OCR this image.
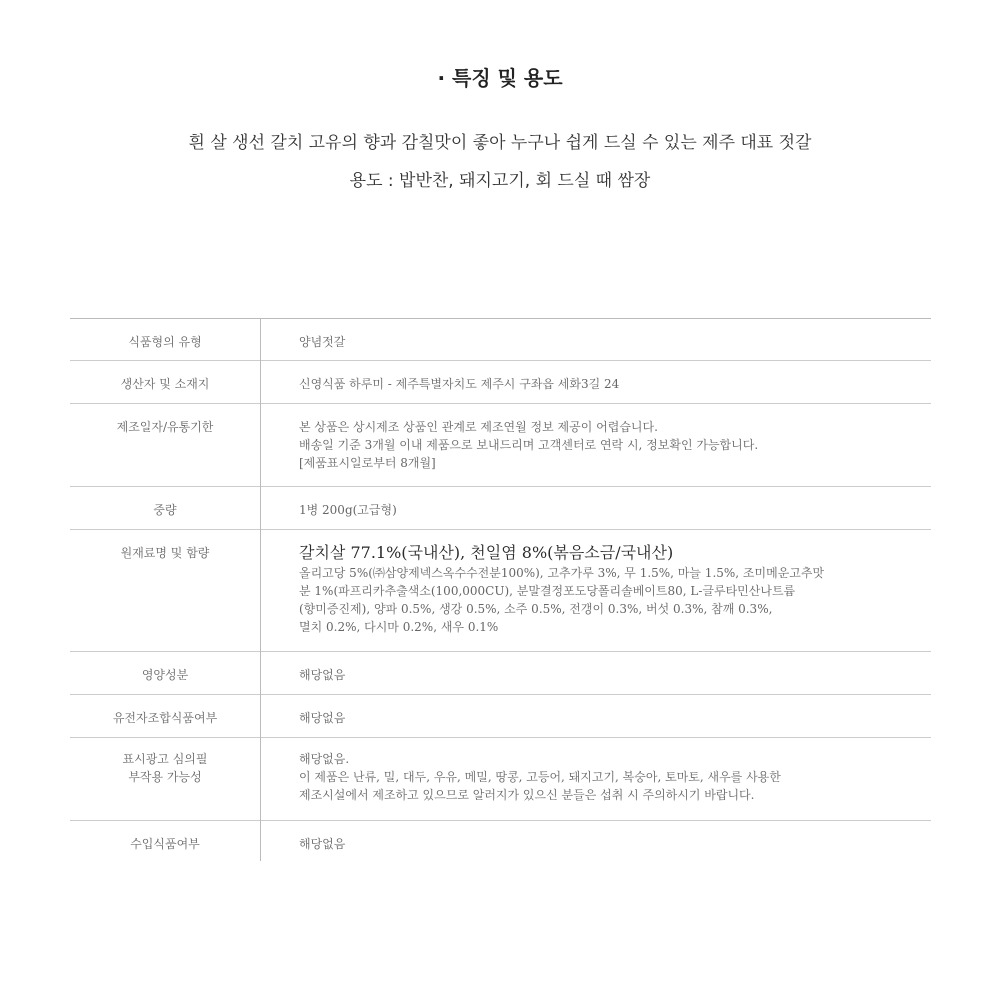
· 특징 및 용도
흰 살 생선 갈치 고유의 향과 감칠맛이 좋아 누구나 쉽게 드실 수 있는 제주 대표 젓갈
용도 : 밥반찬, 돼지고기, 회 드실 때 쌈장
식품형의 유형	양념젓갈

생산자 및 소재지	신영식품 하루미 - 제주특별자치도 제주시 구좌읍 세화3길 24

제조일자/유통기한	본 상품은 상시제조 상품인 관계로 제조연월 정보 제공이 어렵습니다.
배송일 기준 3개월 이내 제품으로 보내드리며 고객센터로 연락 시, 정보확인 가능합니다.
[제품표시일로부터 8개월]

중량	1병 200g(고급형)

원재료명 및 함량	갈치살 77.1%(국내산), 천일염 8%(볶음소금/국내산)
올리고당 5%(㈜삼양제넥스옥수수전분100%), 고추가루 3%, 무 1.5%, 마늘 1.5%, 조미메운고추맛
분 1%(파프리카추출색소(100,000CU), 분말결정포도당폴리솔베이트80, L-글루타민산나트륨
(향미증진제), 양파 0.5%, 생강 0.5%, 소주 0.5%, 전갱이 0.3%, 버섯 0.3%, 참깨 0.3%,
멸치 0.2%, 다시마 0.2%, 새우 0.1%

영양성분	해당없음

유전자조합식품여부	해당없음

표시광고 심의필
부작용 가능성	해당없음.
이 제품은 난류, 밀, 대두, 우유, 메밀, 땅콩, 고등어, 돼지고기, 복숭아, 토마토, 새우를 사용한
제조시설에서 제조하고 있으므로 알러지가 있으신 분들은 섭취 시 주의하시기 바랍니다.

수입식품여부	해당없음
